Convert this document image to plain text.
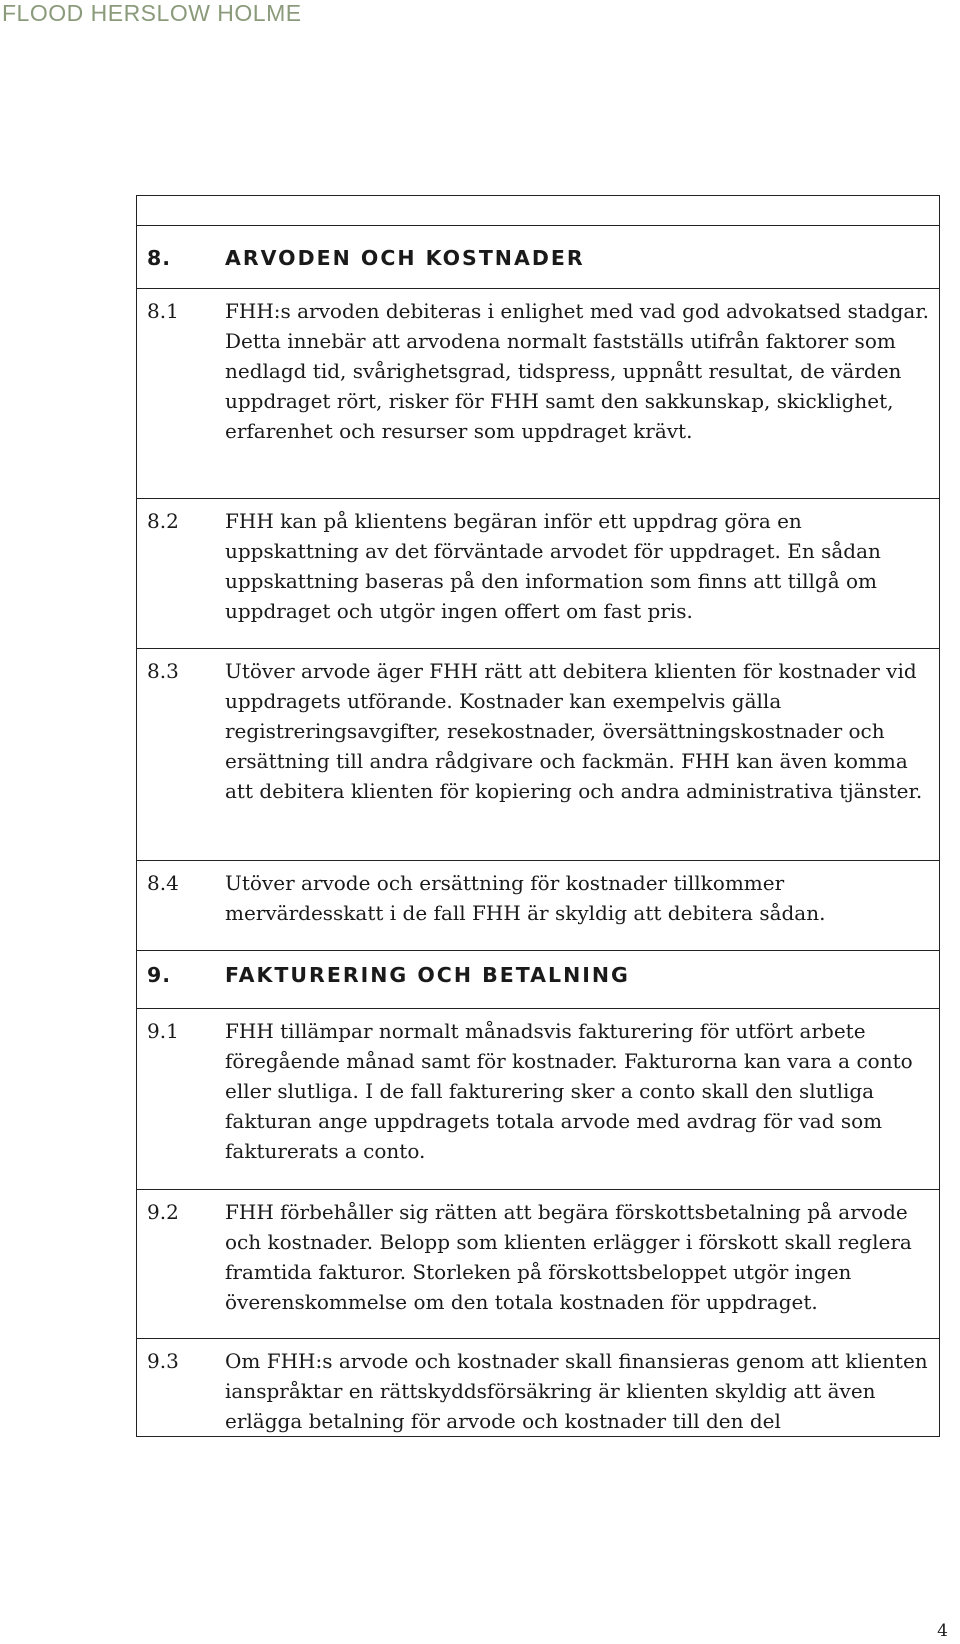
FLOOD HERSLOW HOLME

8.	ARVODEN OCH KOSTNADER

8.1	FHH:s arvoden debiteras i enlighet med vad god advokatsed stadgar. Detta innebär att arvodena normalt fastställs utifrån faktorer som nedlagd tid, svårighetsgrad, tidspress, uppnått resultat, de värden uppdraget rört, risker för FHH samt den sakkunskap, skicklighet, erfarenhet och resurser som uppdraget krävt.

8.2	FHH kan på klientens begäran inför ett uppdrag göra en uppskattning av det förväntade arvodet för uppdraget. En sådan uppskattning baseras på den information som finns att tillgå om uppdraget och utgör ingen offert om fast pris.

8.3	Utöver arvode äger FHH rätt att debitera klienten för kostnader vid uppdragets utförande. Kostnader kan exempelvis gälla registreringsavgifter, resekostnader, översättningskostnader och ersättning till andra rådgivare och fackmän. FHH kan även komma att debitera klienten för kopiering och andra administrativa tjänster.

8.4	Utöver arvode och ersättning för kostnader tillkommer mervärdesskatt i de fall FHH är skyldig att debitera sådan.

9.	FAKTURERING OCH BETALNING

9.1	FHH tillämpar normalt månadsvis fakturering för utfört arbete föregående månad samt för kostnader. Fakturorna kan vara a conto eller slutliga. I de fall fakturering sker a conto skall den slutliga fakturan ange uppdragets totala arvode med avdrag för vad som fakturerats a conto.

9.2	FHH förbehåller sig rätten att begära förskottsbetalning på arvode och kostnader. Belopp som klienten erlägger i förskott skall reglera framtida fakturor. Storleken på förskottsbeloppet utgör ingen överenskommelse om den totala kostnaden för uppdraget.

9.3	Om FHH:s arvode och kostnader skall finansieras genom att klienten ianspråktar en rättskyddsförsäkring är klienten skyldig att även erlägga betalning för arvode och kostnader till den del
4
